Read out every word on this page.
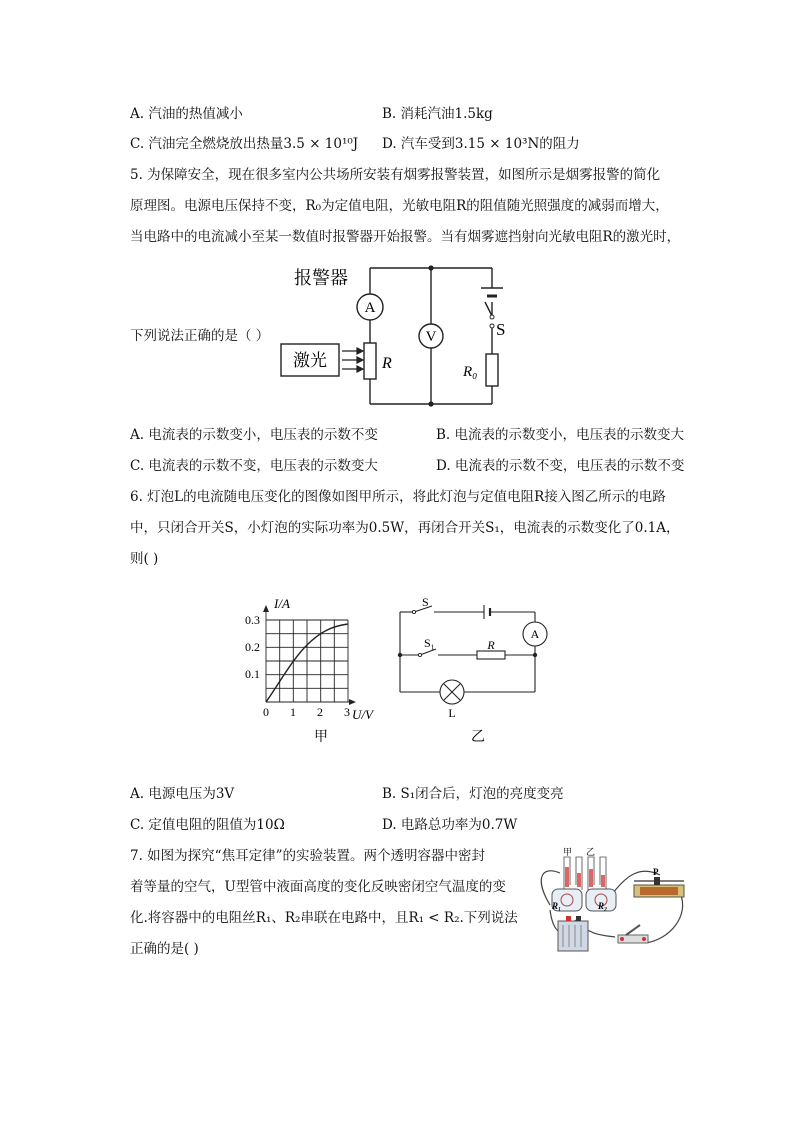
A. 汽油的热值减小	B. 消耗汽油1.5kg
C. 汽油完全燃烧放出热量3.5 × 10¹⁰J D. 汽车受到3.15 × 10³N的阻力
5. 为保障安全，现在很多室内公共场所安装有烟雾报警装置，如图所示是烟雾报警的简化
原理图。电源电压保持不变，R₀为定值电阻，光敏电阻R的阻值随光照强度的减弱而增大，
当电路中的电流减小至某一数值时报警器开始报警。当有烟雾遮挡射向光敏电阻R的激光时，
下列说法正确的是（ ）
报警器
A
V
激光	R
S
R₀
A. 电流表的示数变小，电压表的示数不变	B. 电流表的示数变小，电压表的示数变大
C. 电流表的示数不变，电压表的示数变大	D. 电流表的示数不变，电压表的示数不变
6. 灯泡L的电流随电压变化的图像如图甲所示，将此灯泡与定值电阻R接入图乙所示的电路
中，只闭合开关S，小灯泡的实际功率为0.5W，再闭合开关S₁，电流表的示数变化了0.1A，
则( )
I/A
0.3
0.2
0.1
0 1 2 3 U/V
甲
S
S₁	R
A
L
乙
A. 电源电压为3V	B. S₁闭合后，灯泡的亮度变亮
C. 定值电阻的阻值为10Ω	D. 电路总功率为0.7W
7. 如图为探究“焦耳定律”的实验装置。两个透明容器中密封
着等量的空气，U型管中液面高度的变化反映密闭空气温度的变
化.将容器中的电阻丝R₁、R₂串联在电路中，且R₁ < R₂.下列说法
正确的是( )
甲 乙
R₁	R₂
P
